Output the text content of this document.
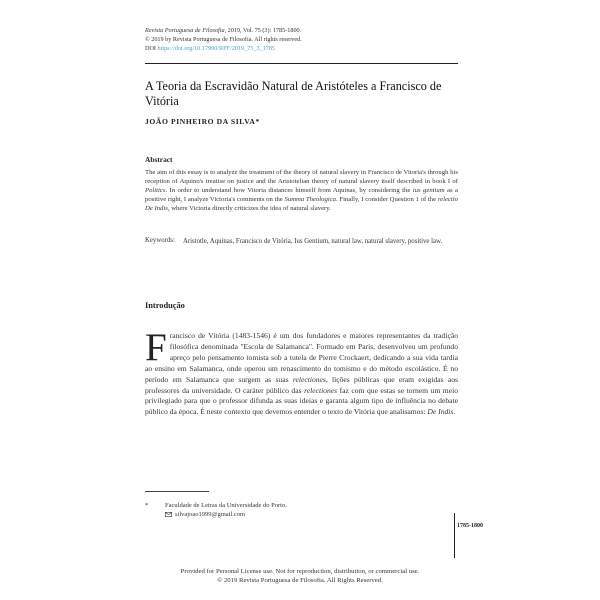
Revista Portuguesa de Filosofia, 2019, Vol. 75 (3): 1785-1800.
© 2019 by Revista Portuguesa de Filosofia. All rights reserved.
DOI https://doi.org/10.17990/RPF/2019_75_3_1785
A Teoria da Escravidão Natural de Aristóteles a Francisco de Vitória
JOÃO PINHEIRO DA SILVA*
Abstract
The aim of this essay is to analyze the treatment of the theory of natural slavery in Francisco de Vitoria's through his reception of Aquino's treatise on justice and the Aristotelian theory of natural slavery itself described in book I of Politics. In order to understand how Vitoria distances himself from Aquinas, by considering the ius gentium as a positive right, I analyze Victoria's comments on the Summa Theologica. Finally, I consider Question 1 of the relectio De Indis, where Victoria directly criticizes the idea of natural slavery.
Keywords: Aristotle, Aquinas, Francisco de Vitória, Ius Gentium, natural law, natural slavery, positive law.
Introdução
Francisco de Vitória (1483-1546) é um dos fundadores e maiores representantes da tradição filosófica denominada "Escola de Salamanca". Formado em Paris, desenvolveu um profundo apreço pelo pensamento tomista sob a tutela de Pierre Crockaert, dedicando a sua vida tardia ao ensino em Salamanca, onde operou um renascimento do tomismo e do método escolástico. É no período em Salamanca que surgem as suas relectiones, lições públicas que eram exigidas aos professores da universidade. O caráter público das relectiones faz com que estas se tornem um meio privilegiado para que o professor difunda as suas ideias e garanta algum tipo de influência no debate público da época. É neste contexto que devemos entender o texto de Vitória que analisamos: De Indis.
*	Faculdade de Letras da Universidade do Porto.
silvajoao1999@gmail.com
1785-1800
Provided for Personal License use. Not for reproduction, distribution, or commercial use.
© 2019 Revista Portuguesa de Filosofia. All Rights Reserved.
